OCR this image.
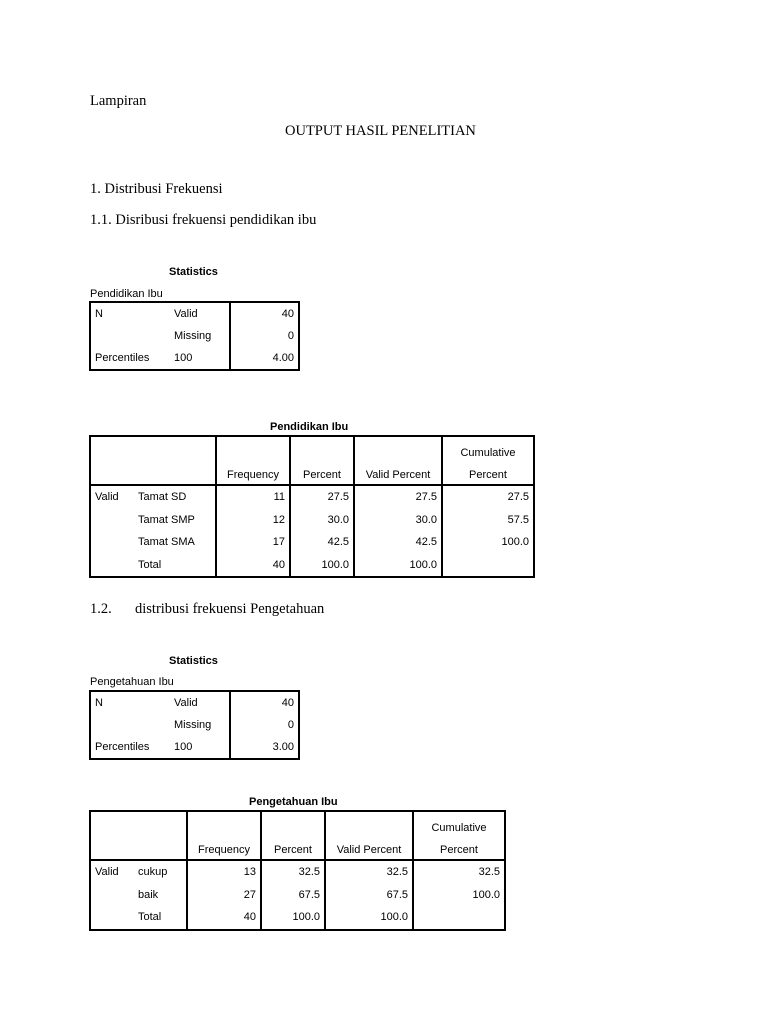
Lampiran
OUTPUT HASIL PENELITIAN
1. Distribusi Frekuensi
1.1. Disribusi frekuensi pendidikan ibu
Statistics
Pendidikan Ibu
N	Valid	40
	Missing	0
Percentiles	100	4.00
Pendidikan Ibu
		Frequency	Percent	Valid Percent	Cumulative
					Percent
Valid	Tamat SD	11	27.5	27.5	27.5
	Tamat SMP	12	30.0	30.0	57.5
	Tamat SMA	17	42.5	42.5	100.0
	Total	40	100.0	100.0	
1.2. distribusi frekuensi Pengetahuan
Statistics
Pengetahuan Ibu
N	Valid	40
	Missing	0
Percentiles	100	3.00
Pengetahuan Ibu
		Frequency	Percent	Valid Percent	Cumulative
					Percent
Valid	cukup	13	32.5	32.5	32.5
	baik	27	67.5	67.5	100.0
	Total	40	100.0	100.0	
